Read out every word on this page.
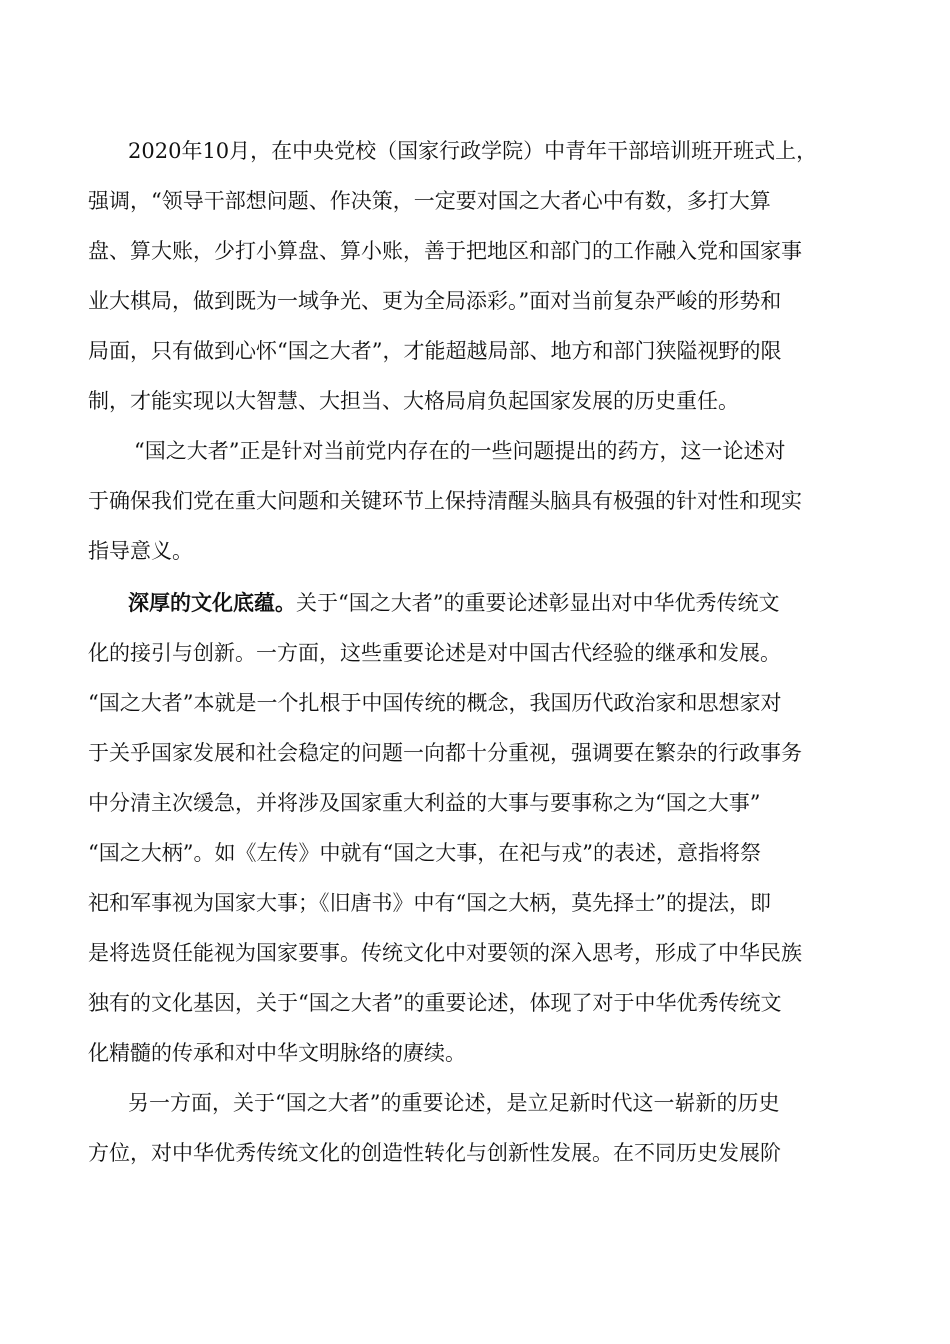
2020年10月，在中央党校（国家行政学院）中青年干部培训班开班式上，
强调，“领导干部想问题、作决策，一定要对国之大者心中有数，多打大算
盘、算大账，少打小算盘、算小账，善于把地区和部门的工作融入党和国家事
业大棋局，做到既为一域争光、更为全局添彩。”面对当前复杂严峻的形势和
局面，只有做到心怀“国之大者”，才能超越局部、地方和部门狭隘视野的限
制，才能实现以大智慧、大担当、大格局肩负起国家发展的历史重任。
“国之大者”正是针对当前党内存在的一些问题提出的药方，这一论述对
于确保我们党在重大问题和关键环节上保持清醒头脑具有极强的针对性和现实
指导意义。
深厚的文化底蕴。关于“国之大者”的重要论述彰显出对中华优秀传统文
化的接引与创新。一方面，这些重要论述是对中国古代经验的继承和发展。
“国之大者”本就是一个扎根于中国传统的概念，我国历代政治家和思想家对
于关乎国家发展和社会稳定的问题一向都十分重视，强调要在繁杂的行政事务
中分清主次缓急，并将涉及国家重大利益的大事与要事称之为“国之大事”
“国之大柄”。如《左传》中就有“国之大事，在祀与戎”的表述，意指将祭
祀和军事视为国家大事；《旧唐书》中有“国之大柄，莫先择士”的提法，即
是将选贤任能视为国家要事。传统文化中对要领的深入思考，形成了中华民族
独有的文化基因，关于“国之大者”的重要论述，体现了对于中华优秀传统文
化精髓的传承和对中华文明脉络的赓续。
另一方面，关于“国之大者”的重要论述，是立足新时代这一崭新的历史
方位，对中华优秀传统文化的创造性转化与创新性发展。在不同历史发展阶
